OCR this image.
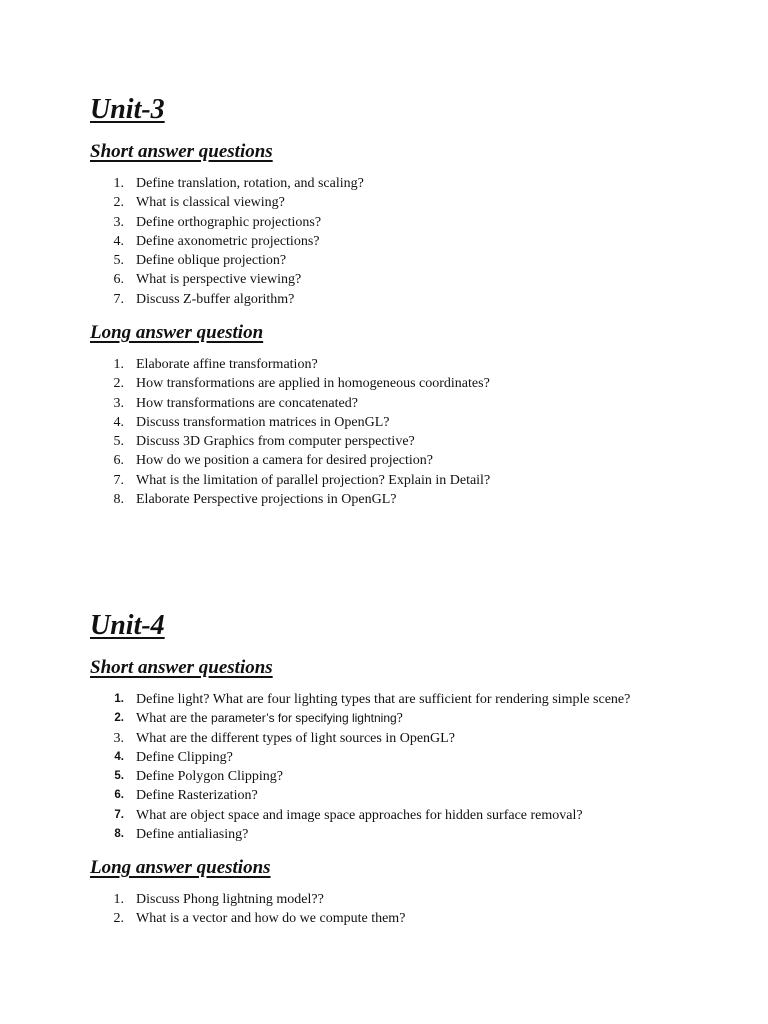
Unit-3
Short answer questions
1. Define translation, rotation, and scaling?
2. What is classical viewing?
3. Define orthographic projections?
4. Define axonometric projections?
5. Define oblique projection?
6. What is perspective viewing?
7. Discuss Z-buffer algorithm?
Long answer question
1. Elaborate affine transformation?
2. How transformations are applied in homogeneous coordinates?
3. How transformations are concatenated?
4. Discuss transformation matrices in OpenGL?
5. Discuss 3D Graphics from computer perspective?
6. How do we position a camera for desired projection?
7. What is the limitation of parallel projection? Explain in Detail?
8. Elaborate Perspective projections in OpenGL?
Unit-4
Short answer questions
1. Define light? What are four lighting types that are sufficient for rendering simple scene?
2. What are the parameter’s for specifying lightning?
3. What are the different types of light sources in OpenGL?
4. Define Clipping?
5. Define Polygon Clipping?
6. Define Rasterization?
7. What are object space and image space approaches for hidden surface removal?
8. Define antialiasing?
Long answer questions
1. Discuss Phong lightning model??
2. What is a vector and how do we compute them?
